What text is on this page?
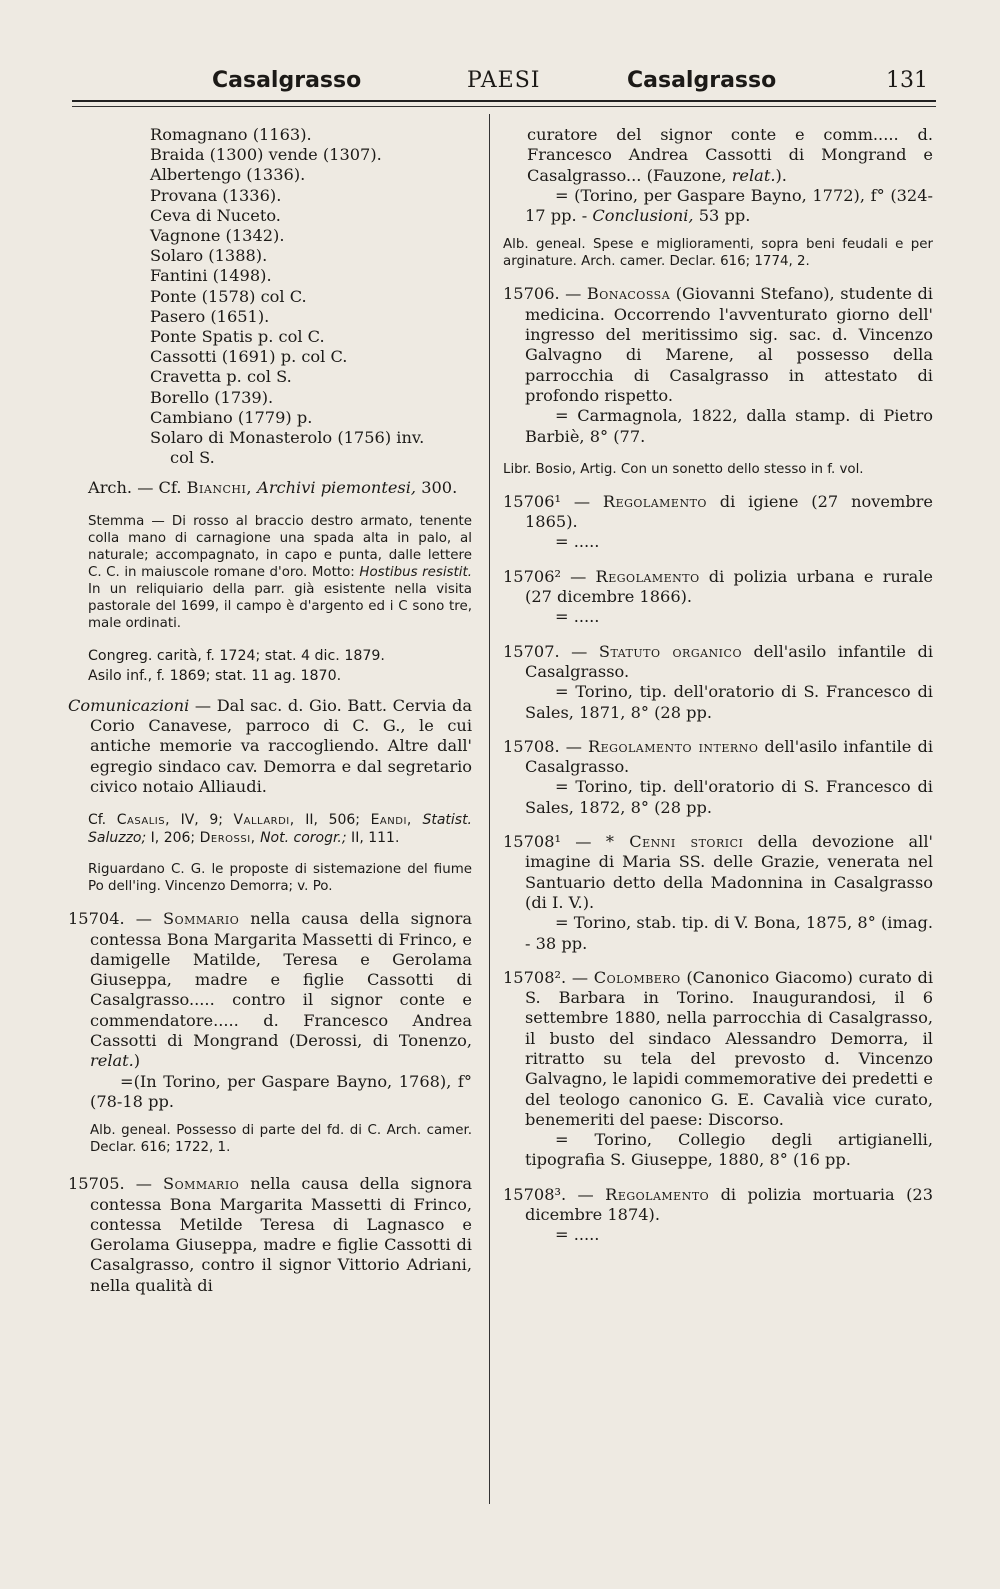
Casalgrasso	PAESI	Casalgrasso	131
Romagnano (1163).
Braida (1300) vende (1307).
Albertengo (1336).
Provana (1336).
Ceva di Nuceto.
Vagnone (1342).
Solaro (1388).
Fantini (1498).
Ponte (1578) col C.
Pasero (1651).
Ponte Spatis p. col C.
Cassotti (1691) p. col C.
Cravetta p. col S.
Borello (1739).
Cambiano (1779) p.
Solaro di Monasterolo (1756) inv.
col S.

Arch. — Cf. Bianchi, Archivi piemontesi, 300.

Stemma — Di rosso al braccio destro armato, tenente colla mano di carnagione una spada alta in palo, al naturale; accompagnato, in capo e punta, dalle lettere C. C. in maiuscole romane d'oro. Motto: Hostibus resistit. In un reliquiario della parr. già esistente nella visita pastorale del 1699, il campo è d'argento ed i C sono tre, male ordinati.

Congreg. carità, f. 1724; stat. 4 dic. 1879.

Asilo inf., f. 1869; stat. 11 ag. 1870.

Comunicazioni — Dal sac. d. Gio. Batt. Cervia da Corio Canavese, parroco di C. G., le cui antiche memorie va raccogliendo. Altre dall' egregio sindaco cav. Demorra e dal segretario civico notaio Alliaudi.

Cf. Casalis, IV, 9; Vallardi, II, 506; Eandi, Statist. Saluzzo; I, 206; Derossi, Not. corogr.; II, 111.

Riguardano C. G. le proposte di sistemazione del fiume Po dell'ing. Vincenzo Demorra; v. Po.

15704. — Sommario nella causa della signora contessa Bona Margarita Massetti di Frinco, e damigelle Matilde, Teresa e Gerolama Giuseppa, madre e figlie Cassotti di Casalgrasso..... contro il signor conte e commendatore..... d. Francesco Andrea Cassotti di Mongrand (Derossi, di Tonenzo, relat.)

=(In Torino, per Gaspare Bayno, 1768), f° (78-18 pp.

Alb. geneal. Possesso di parte del fd. di C. Arch. camer. Declar. 616; 1722, 1.

15705. — Sommario nella causa della signora contessa Bona Margarita Massetti di Frinco, contessa Metilde Teresa di Lagnasco e Gerolama Giuseppa, madre e figlie Cassotti di Casalgrasso, contro il signor Vittorio Adriani, nella qualità di

curatore del signor conte e comm..... d. Francesco Andrea Cassotti di Mongrand e Casalgrasso... (Fauzone, relat.).

= (Torino, per Gaspare Bayno, 1772), f° (324-17 pp. - Conclusioni, 53 pp.

Alb. geneal. Spese e miglioramenti, sopra beni feudali e per arginature. Arch. camer. Declar. 616; 1774, 2.

15706. — Bonacossa (Giovanni Stefano), studente di medicina. Occorrendo l'avventurato giorno dell' ingresso del meritissimo sig. sac. d. Vincenzo Galvagno di Marene, al possesso della parrocchia di Casalgrasso in attestato di profondo rispetto.

= Carmagnola, 1822, dalla stamp. di Pietro Barbiè, 8° (77.

Libr. Bosio, Artig. Con un sonetto dello stesso in f. vol.

15706¹ — Regolamento di igiene (27 novembre 1865).

= .....

15706² — Regolamento di polizia urbana e rurale (27 dicembre 1866).

= .....

15707. — Statuto organico dell'asilo infantile di Casalgrasso.

= Torino, tip. dell'oratorio di S. Francesco di Sales, 1871, 8° (28 pp.

15708. — Regolamento interno dell'asilo infantile di Casalgrasso.

= Torino, tip. dell'oratorio di S. Francesco di Sales, 1872, 8° (28 pp.

15708¹ — * Cenni storici della devozione all' imagine di Maria SS. delle Grazie, venerata nel Santuario detto della Madonnina in Casalgrasso (di I. V.).

= Torino, stab. tip. di V. Bona, 1875, 8° (imag. - 38 pp.

15708². — Colombero (Canonico Giacomo) curato di S. Barbara in Torino. Inaugurandosi, il 6 settembre 1880, nella parrocchia di Casalgrasso, il busto del sindaco Alessandro Demorra, il ritratto su tela del prevosto d. Vincenzo Galvagno, le lapidi commemorative dei predetti e del teologo canonico G. E. Cavalià vice curato, benemeriti del paese: Discorso.

= Torino, Collegio degli artigianelli, tipografia S. Giuseppe, 1880, 8° (16 pp.

15708³. — Regolamento di polizia mortuaria (23 dicembre 1874).

= .....
